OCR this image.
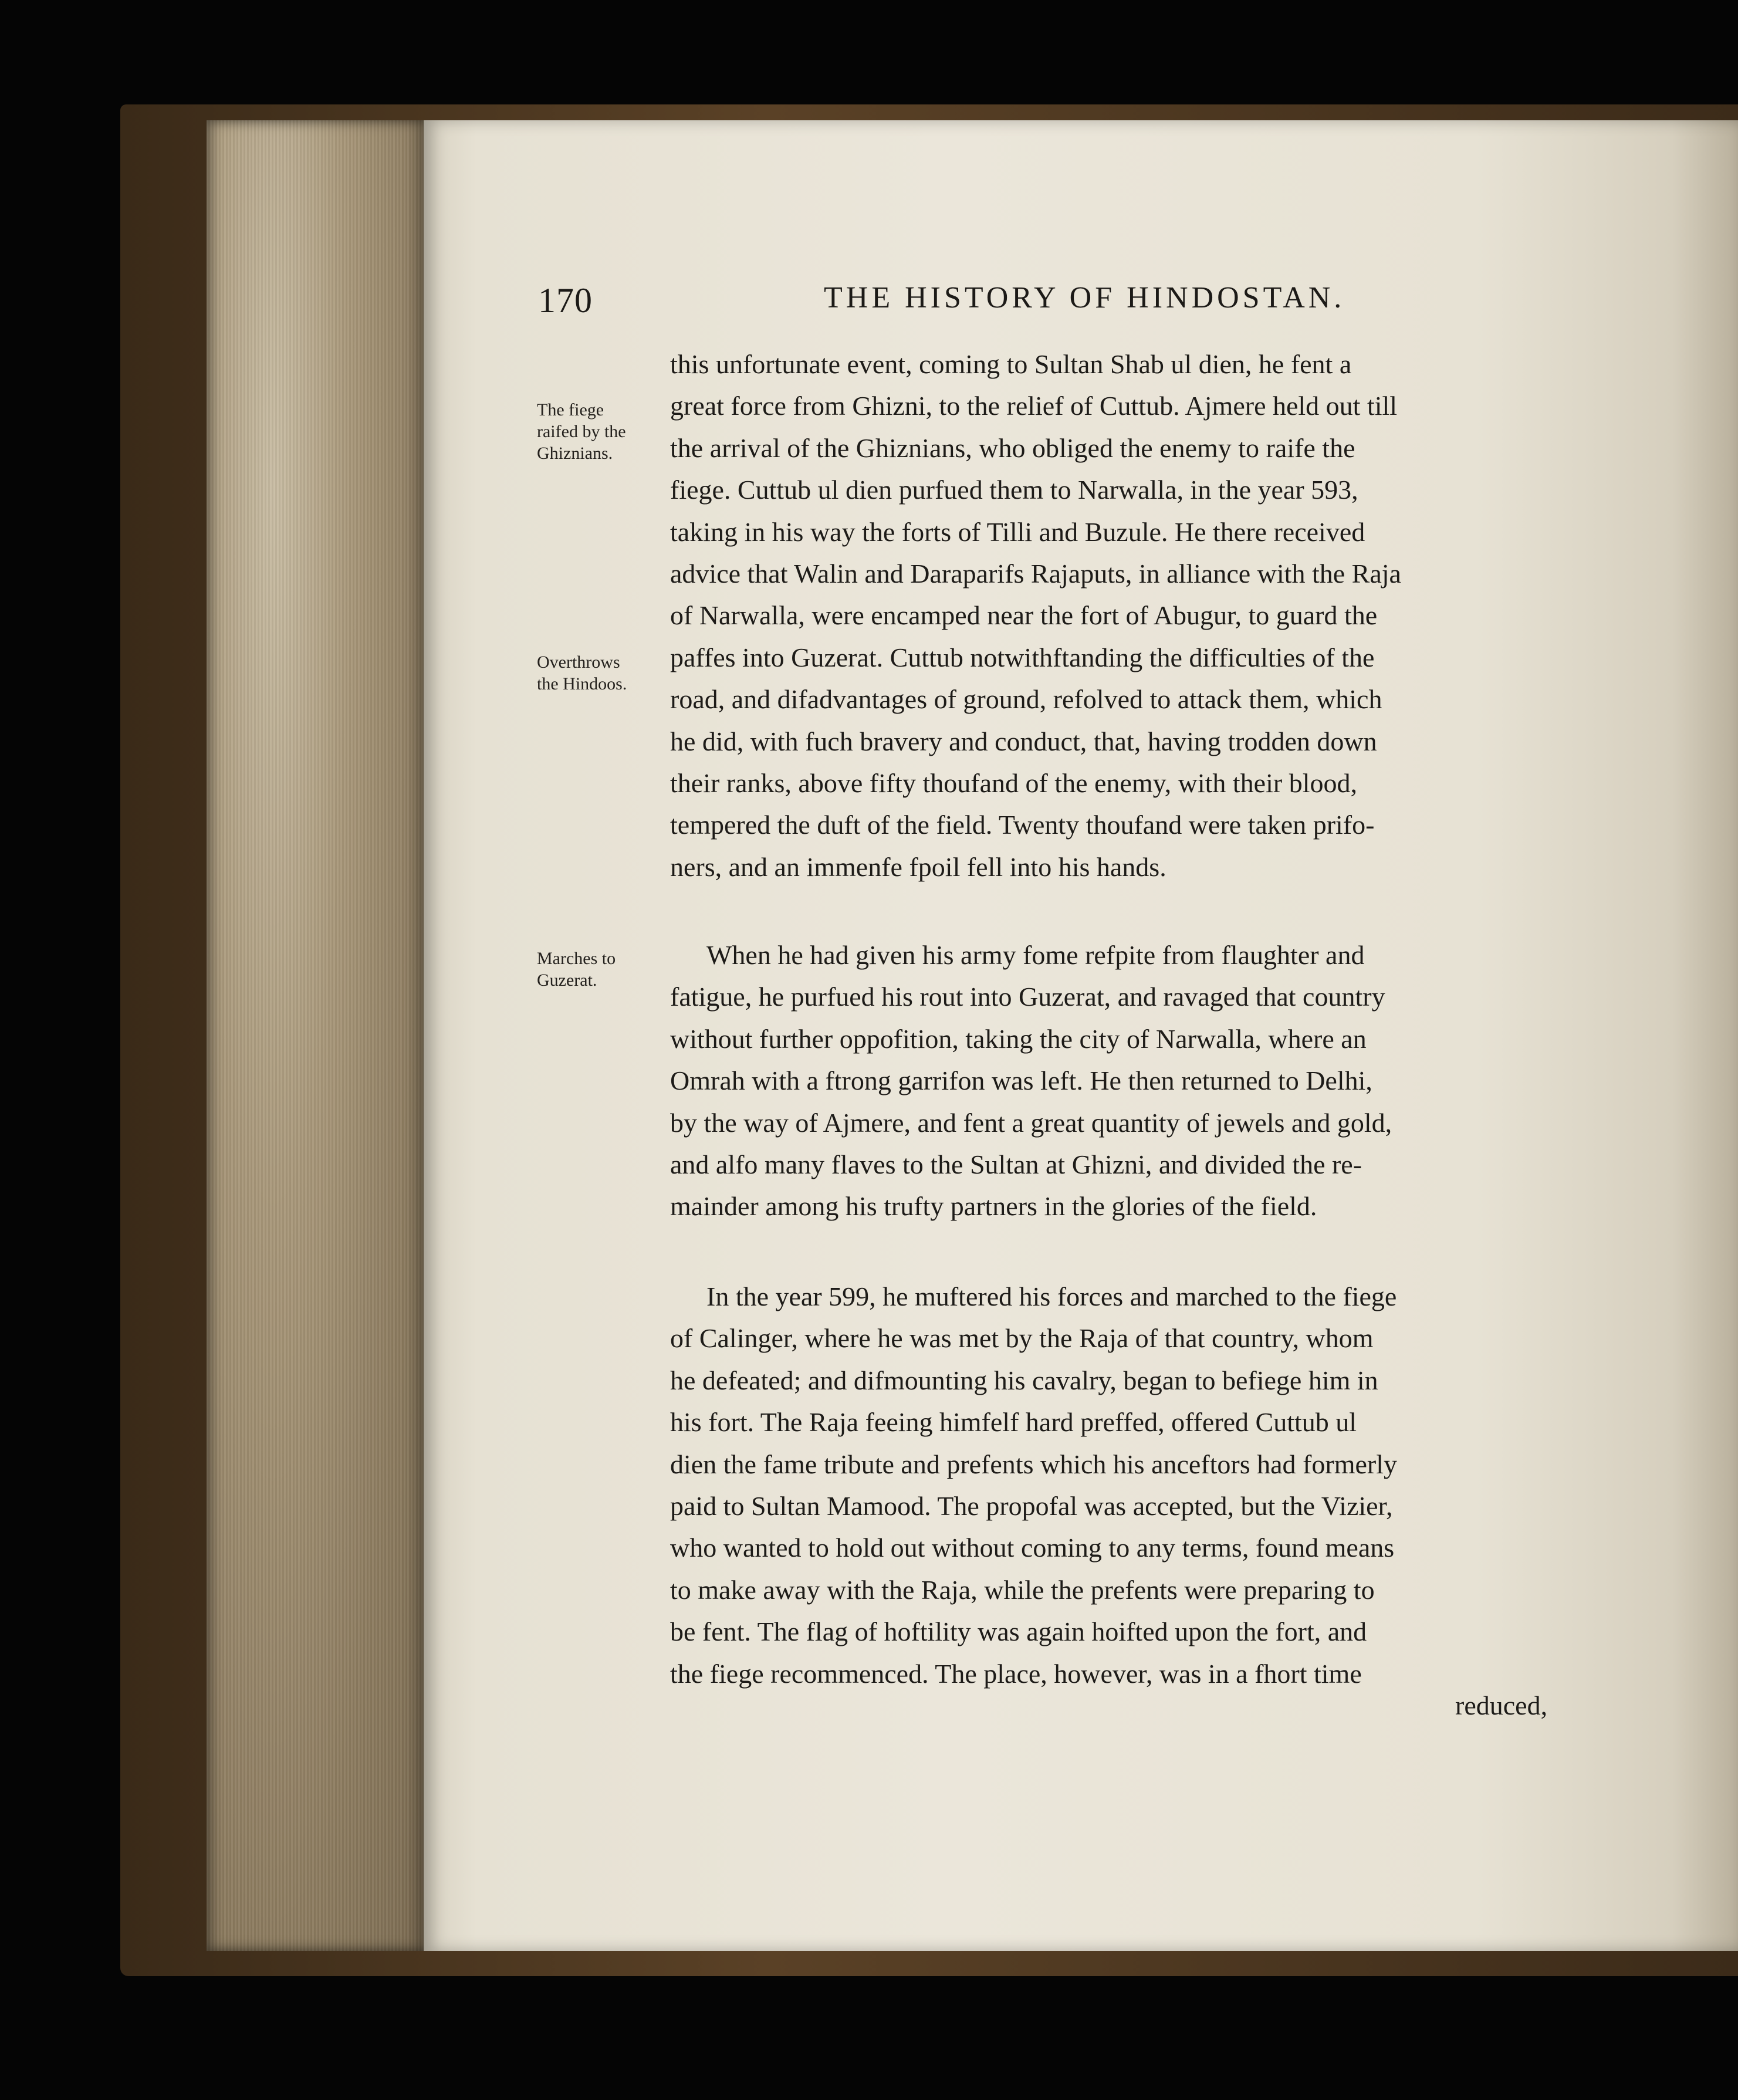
170	THE HISTORY OF HINDOSTAN.
The fiege
raifed by the
Ghiznians.
Overthrows
the Hindoos.
Marches to
Guzerat.
this unfortunate event, coming to Sultan Shab ul dien, he fent a
great force from Ghizni, to the relief of Cuttub. Ajmere held out till
the arrival of the Ghiznians, who obliged the enemy to raife the
fiege. Cuttub ul dien purfued them to Narwalla, in the year 593,
taking in his way the forts of Tilli and Buzule. He there received
advice that Walin and Daraparifs Rajaputs, in alliance with the Raja
of Narwalla, were encamped near the fort of Abugur, to guard the
paffes into Guzerat. Cuttub notwithftanding the difficulties of the
road, and difadvantages of ground, refolved to attack them, which
he did, with fuch bravery and conduct, that, having trodden down
their ranks, above fifty thoufand of the enemy, with their blood,
tempered the duft of the field. Twenty thoufand were taken prifo-
ners, and an immenfe fpoil fell into his hands.
When he had given his army fome refpite from flaughter and
fatigue, he purfued his rout into Guzerat, and ravaged that country
without further oppofition, taking the city of Narwalla, where an
Omrah with a ftrong garrifon was left. He then returned to Delhi,
by the way of Ajmere, and fent a great quantity of jewels and gold,
and alfo many flaves to the Sultan at Ghizni, and divided the re-
mainder among his trufty partners in the glories of the field.
In the year 599, he muftered his forces and marched to the fiege
of Calinger, where he was met by the Raja of that country, whom
he defeated; and difmounting his cavalry, began to befiege him in
his fort. The Raja feeing himfelf hard preffed, offered Cuttub ul
dien the fame tribute and prefents which his anceftors had formerly
paid to Sultan Mamood. The propofal was accepted, but the Vizier,
who wanted to hold out without coming to any terms, found means
to make away with the Raja, while the prefents were preparing to
be fent. The flag of hoftility was again hoifted upon the fort, and
the fiege recommenced. The place, however, was in a fhort time
reduced,
